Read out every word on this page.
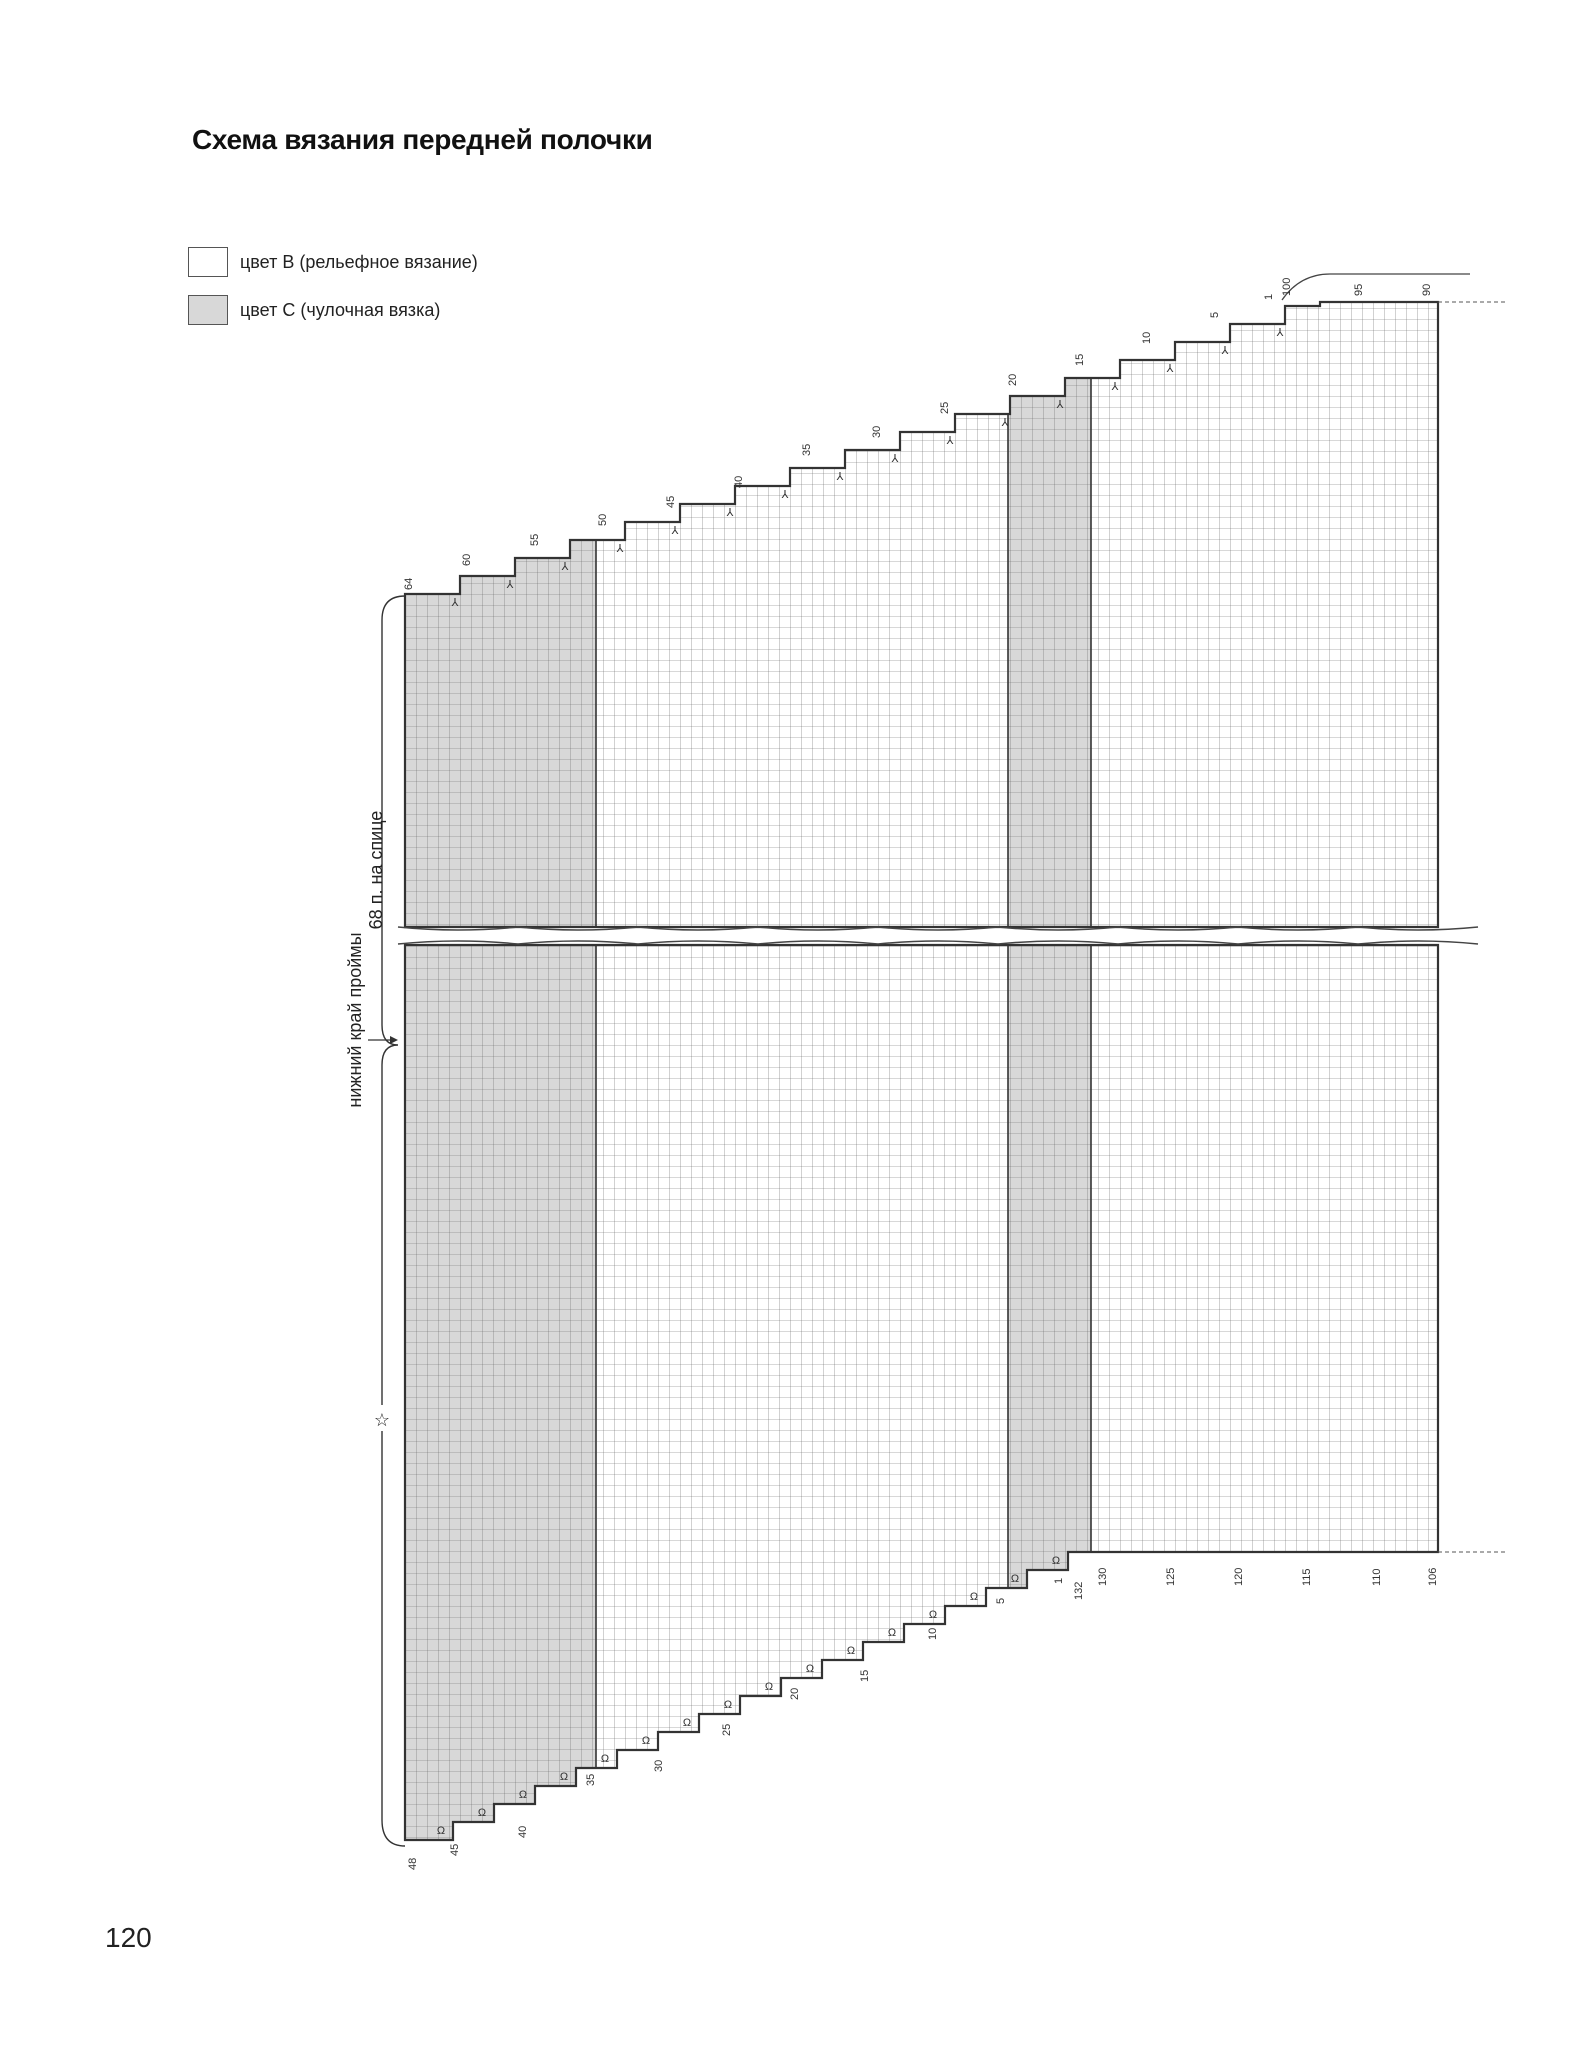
Схема вязания передней полочки
цвет B (рельефное вязание)
цвет C (чулочная вязка)
64
60
55
50
45
40
35
30
25
20
15
10
5
1
100	95	90
48
45
40
35
30
25
20
15
10
5
1
132
130	125	120	115	110	106
⅄
⅄
⅄
⅄
⅄
⅄
⅄
⅄
⅄
⅄
⅄
⅄
⅄
⅄
⅄
⅄
Ω
Ω
Ω
Ω
Ω
Ω
Ω
Ω
Ω
Ω
Ω
Ω
Ω
Ω
Ω
Ω
68 п. на спице
нижний край проймы
☆
120
